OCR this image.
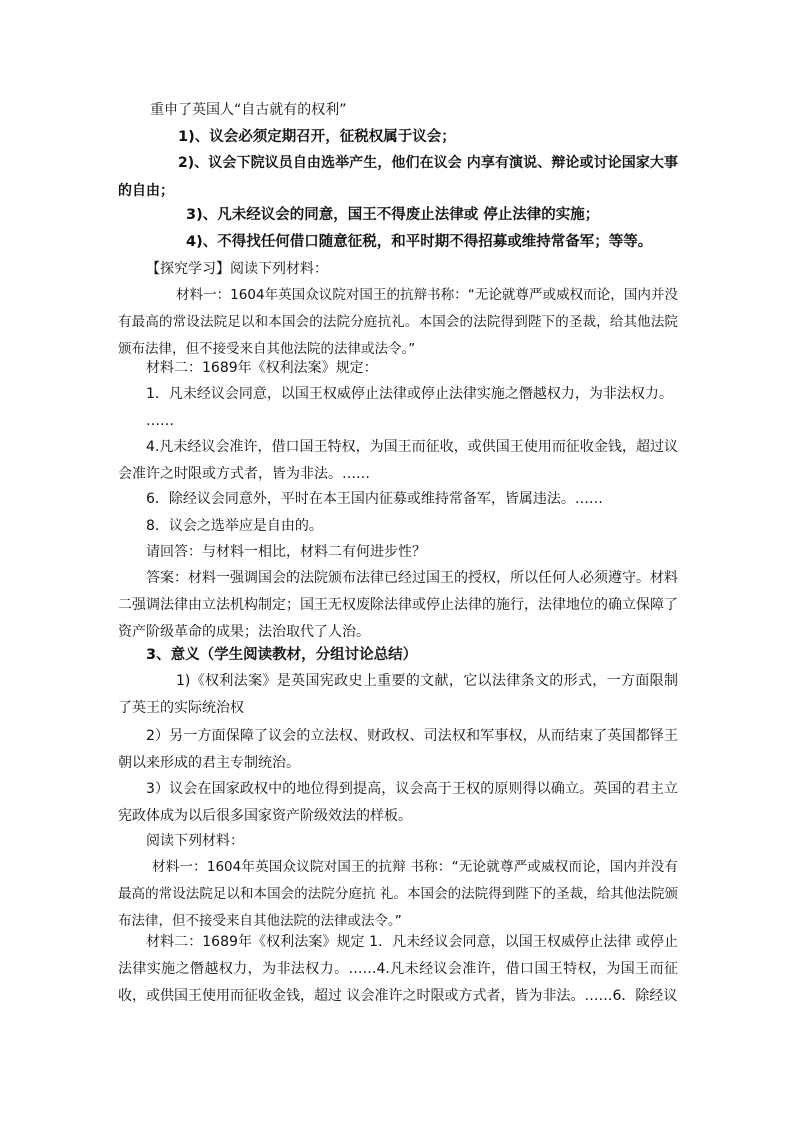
重申了英国人“自古就有的权利”
1)、议会必须定期召开，征税权属于议会；
2)、议会下院议员自由选举产生，他们在议会 内享有演说、辩论或讨论国家大事的自由；
3)、凡未经议会的同意，国王不得废止法律或 停止法律的实施；
4)、不得找任何借口随意征税，和平时期不得招募或维持常备军；等等。
【探究学习】阅读下列材料：
材料一：1604年英国众议院对国王的抗辩书称：“无论就尊严或威权而论，国内并没有最高的常设法院足以和本国会的法院分庭抗礼。本国会的法院得到陛下的圣裁，给其他法院颁布法律，但不接受来自其他法院的法律或法令。”
材料二：1689年《权利法案》规定：
1．凡未经议会同意，以国王权威停止法律或停止法律实施之僭越权力，为非法权力。
……
4.凡未经议会准许，借口国王特权，为国王而征收，或供国王使用而征收金钱，超过议会准许之时限或方式者，皆为非法。……
6．除经议会同意外，平时在本王国内征募或维持常备军，皆属违法。……
8．议会之选举应是自由的。
请回答：与材料一相比，材料二有何进步性？
答案：材料一强调国会的法院颁布法律已经过国王的授权，所以任何人必须遵守。材料二强调法律由立法机构制定；国王无权废除法律或停止法律的施行，法律地位的确立保障了资产阶级革命的成果；法治取代了人治。
3、意义（学生阅读教材，分组讨论总结）
1)《权利法案》是英国宪政史上重要的文献，它以法律条文的形式，一方面限制了英王的实际统治权
2）另一方面保障了议会的立法权、财政权、司法权和军事权，从而结束了英国都铎王朝以来形成的君主专制统治。
3）议会在国家政权中的地位得到提高，议会高于王权的原则得以确立。英国的君主立宪政体成为以后很多国家资产阶级效法的样板。
阅读下列材料：
材料一：1604年英国众议院对国王的抗辩 书称：“无论就尊严或威权而论，国内并没有最高的常设法院足以和本国会的法院分庭抗 礼。本国会的法院得到陛下的圣裁，给其他法院颁布法律，但不接受来自其他法院的法律或法令。”
材料二：1689年《权利法案》规定 1．凡未经议会同意，以国王权威停止法律 或停止法律实施之僭越权力，为非法权力。……4.凡未经议会准许，借口国王特权，为国王而征收，或供国王使用而征收金钱，超过 议会准许之时限或方式者，皆为非法。……6．除经议
